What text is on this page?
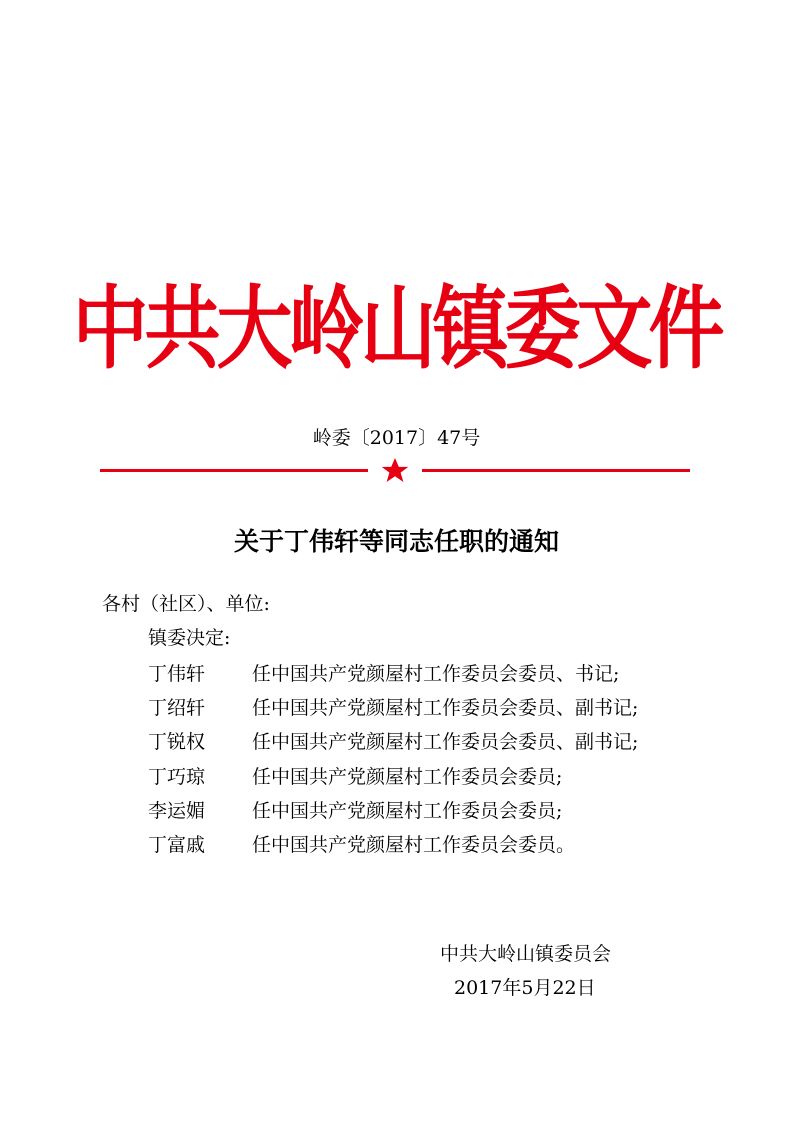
中共大岭山镇委文件
岭委〔2017〕47号
关于丁伟轩等同志任职的通知
各村（社区）、单位:
镇委决定:
丁伟轩 任中国共产党颜屋村工作委员会委员、书记;
丁绍轩 任中国共产党颜屋村工作委员会委员、副书记;
丁锐权 任中国共产党颜屋村工作委员会委员、副书记;
丁巧琼 任中国共产党颜屋村工作委员会委员;
李运媚 任中国共产党颜屋村工作委员会委员;
丁富戚 任中国共产党颜屋村工作委员会委员。
中共大岭山镇委员会
2017年5月22日
